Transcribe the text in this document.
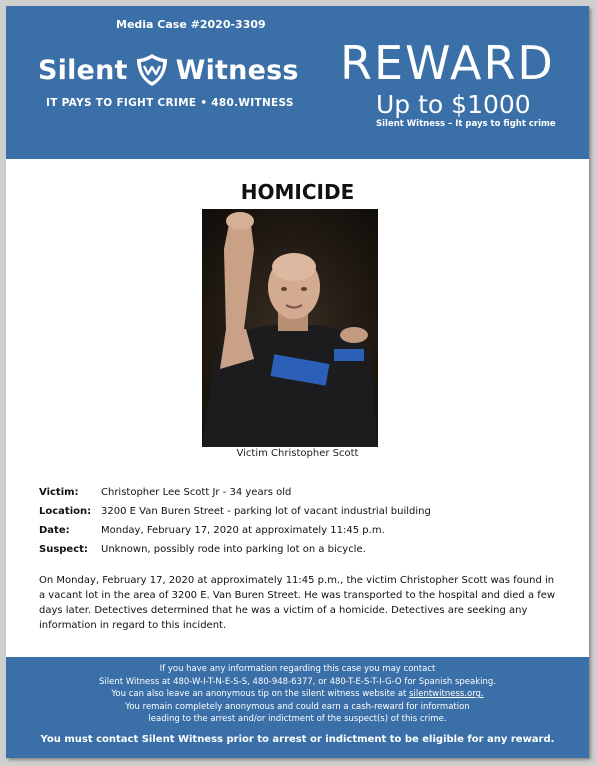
Media Case #2020-3309
Silent Witness
IT PAYS TO FIGHT CRIME • 480.WITNESS
REWARD
Up to $1000
Silent Witness – It pays to fight crime
HOMICIDE
Victim Christopher Scott
Victim: Christopher Lee Scott Jr - 34 years old
Location: 3200 E Van Buren Street - parking lot of vacant industrial building
Date:	Monday, February 17, 2020 at approximately 11:45 p.m.
Suspect: Unknown, possibly rode into parking lot on a bicycle.
On Monday, February 17, 2020 at approximately 11:45 p.m., the victim Christopher Scott was found in a vacant lot in the area of 3200 E. Van Buren Street. He was transported to the hospital and died a few days later. Detectives determined that he was a victim of a homicide. Detectives are seeking any information in regard to this incident.
If you have any information regarding this case you may contact
Silent Witness at 480-W-I-T-N-E-S-S, 480-948-6377, or 480-T-E-S-T-I-G-O for Spanish speaking.
You can also leave an anonymous tip on the silent witness website at silentwitness.org.
You remain completely anonymous and could earn a cash-reward for information
leading to the arrest and/or indictment of the suspect(s) of this crime.
You must contact Silent Witness prior to arrest or indictment to be eligible for any reward.
